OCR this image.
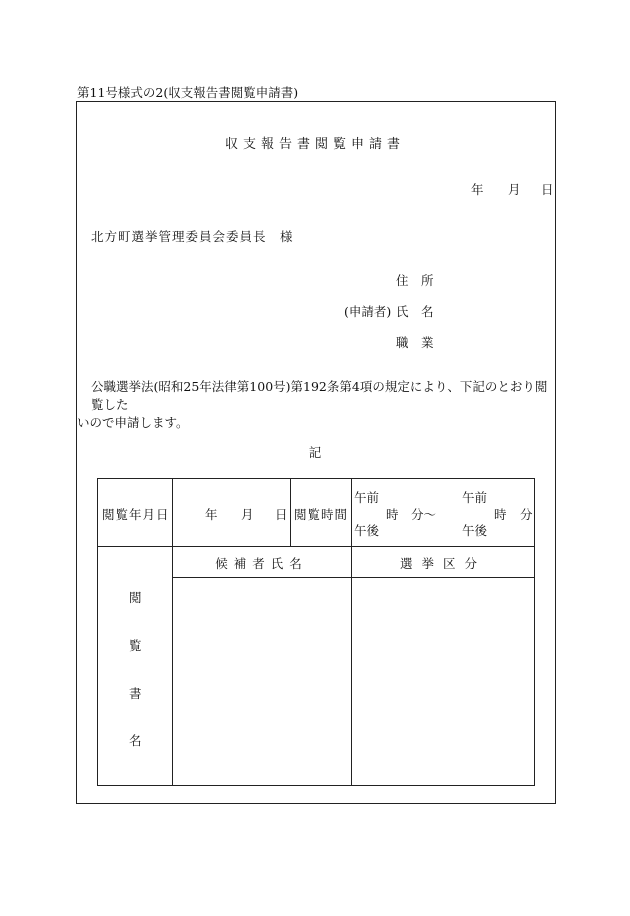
第11号様式の2(収支報告書閲覧申請書)
収支報告書閲覧申請書
年 月 日
北方町選挙管理委員会委員長　様
住　所
(申請者) 氏　名
職　業
公職選挙法(昭和25年法律第100号)第192条第4項の規定により、下記のとおり閲覧した
いので申請します。
記
閲覧年月日	年 月 日 閲覧時間
午前
午後
時 分〜
午前
午後
時 分
候補者氏名	選挙区分
閲
覧
書
名
